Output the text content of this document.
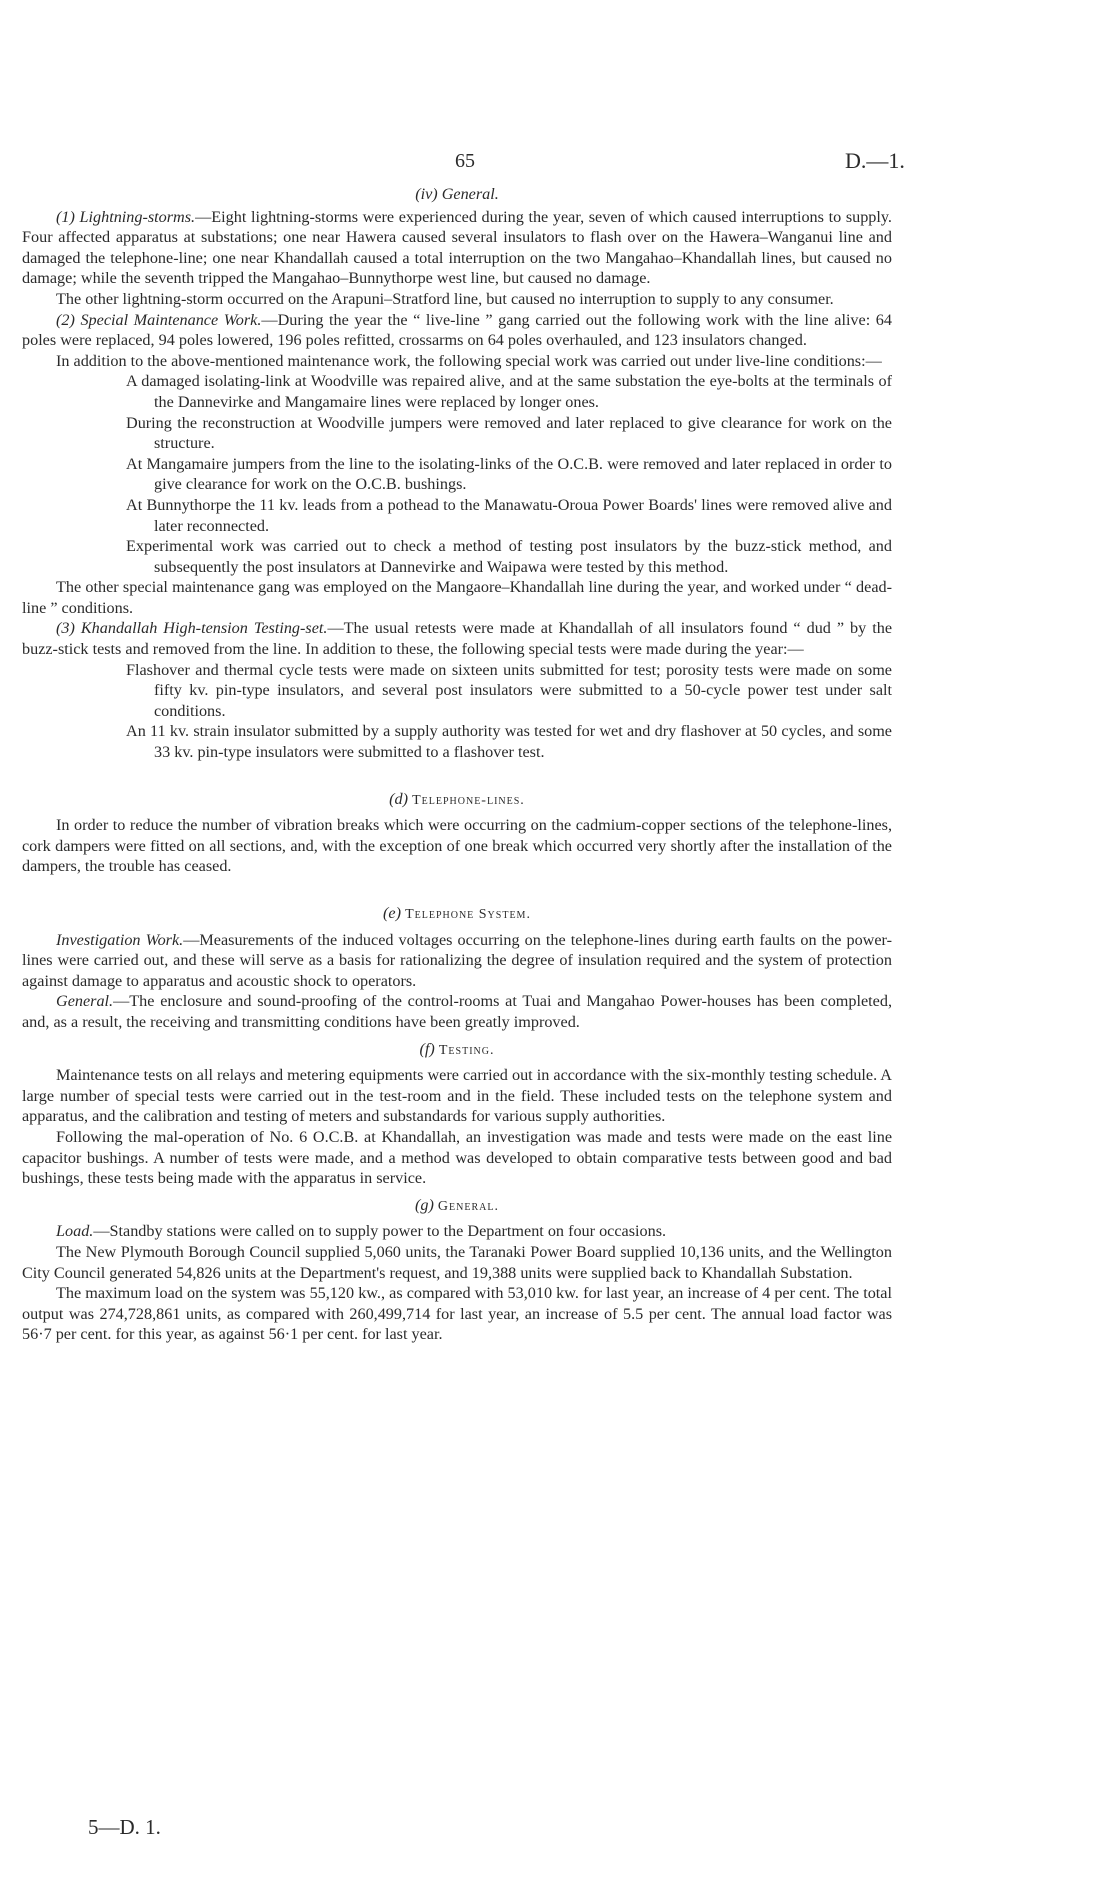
65	D.—1.

(iv) General.

(1) Lightning-storms.—Eight lightning-storms were experienced during the year, seven of which caused interruptions to supply. Four affected apparatus at substations; one near Hawera caused several insulators to flash over on the Hawera–Wanganui line and damaged the telephone-line; one near Khandallah caused a total interruption on the two Mangahao–Khandallah lines, but caused no damage; while the seventh tripped the Mangahao–Bunnythorpe west line, but caused no damage.

The other lightning-storm occurred on the Arapuni–Stratford line, but caused no interruption to supply to any consumer.

(2) Special Maintenance Work.—During the year the “ live-line ” gang carried out the following work with the line alive: 64 poles were replaced, 94 poles lowered, 196 poles refitted, crossarms on 64 poles overhauled, and 123 insulators changed.

In addition to the above-mentioned maintenance work, the following special work was carried out under live-line conditions:—

A damaged isolating-link at Woodville was repaired alive, and at the same substation the eye-bolts at the terminals of the Dannevirke and Mangamaire lines were replaced by longer ones.

During the reconstruction at Woodville jumpers were removed and later replaced to give clearance for work on the structure.

At Mangamaire jumpers from the line to the isolating-links of the O.C.B. were removed and later replaced in order to give clearance for work on the O.C.B. bushings.

At Bunnythorpe the 11 kv. leads from a pothead to the Manawatu-Oroua Power Boards' lines were removed alive and later reconnected.

Experimental work was carried out to check a method of testing post insulators by the buzz-stick method, and subsequently the post insulators at Dannevirke and Waipawa were tested by this method.

The other special maintenance gang was employed on the Mangaore–Khandallah line during the year, and worked under “ dead-line ” conditions.

(3) Khandallah High-tension Testing-set.—The usual retests were made at Khandallah of all insulators found “ dud ” by the buzz-stick tests and removed from the line. In addition to these, the following special tests were made during the year:—

Flashover and thermal cycle tests were made on sixteen units submitted for test; porosity tests were made on some fifty kv. pin-type insulators, and several post insulators were submitted to a 50-cycle power test under salt conditions.

An 11 kv. strain insulator submitted by a supply authority was tested for wet and dry flashover at 50 cycles, and some 33 kv. pin-type insulators were submitted to a flashover test.

(d) Telephone-lines.

In order to reduce the number of vibration breaks which were occurring on the cadmium-copper sections of the telephone-lines, cork dampers were fitted on all sections, and, with the exception of one break which occurred very shortly after the installation of the dampers, the trouble has ceased.

(e) Telephone System.

Investigation Work.—Measurements of the induced voltages occurring on the telephone-lines during earth faults on the power-lines were carried out, and these will serve as a basis for rationalizing the degree of insulation required and the system of protection against damage to apparatus and acoustic shock to operators.

General.—The enclosure and sound-proofing of the control-rooms at Tuai and Mangahao Power-houses has been completed, and, as a result, the receiving and transmitting conditions have been greatly improved.

(f) Testing.

Maintenance tests on all relays and metering equipments were carried out in accordance with the six-monthly testing schedule. A large number of special tests were carried out in the test-room and in the field. These included tests on the telephone system and apparatus, and the calibration and testing of meters and substandards for various supply authorities.

Following the mal-operation of No. 6 O.C.B. at Khandallah, an investigation was made and tests were made on the east line capacitor bushings. A number of tests were made, and a method was developed to obtain comparative tests between good and bad bushings, these tests being made with the apparatus in service.

(g) General.

Load.—Standby stations were called on to supply power to the Department on four occasions.

The New Plymouth Borough Council supplied 5,060 units, the Taranaki Power Board supplied 10,136 units, and the Wellington City Council generated 54,826 units at the Department's request, and 19,388 units were supplied back to Khandallah Substation.

The maximum load on the system was 55,120 kw., as compared with 53,010 kw. for last year, an increase of 4 per cent. The total output was 274,728,861 units, as compared with 260,499,714 for last year, an increase of 5.5 per cent. The annual load factor was 56·7 per cent. for this year, as against 56·1 per cent. for last year.

5—D. 1.
